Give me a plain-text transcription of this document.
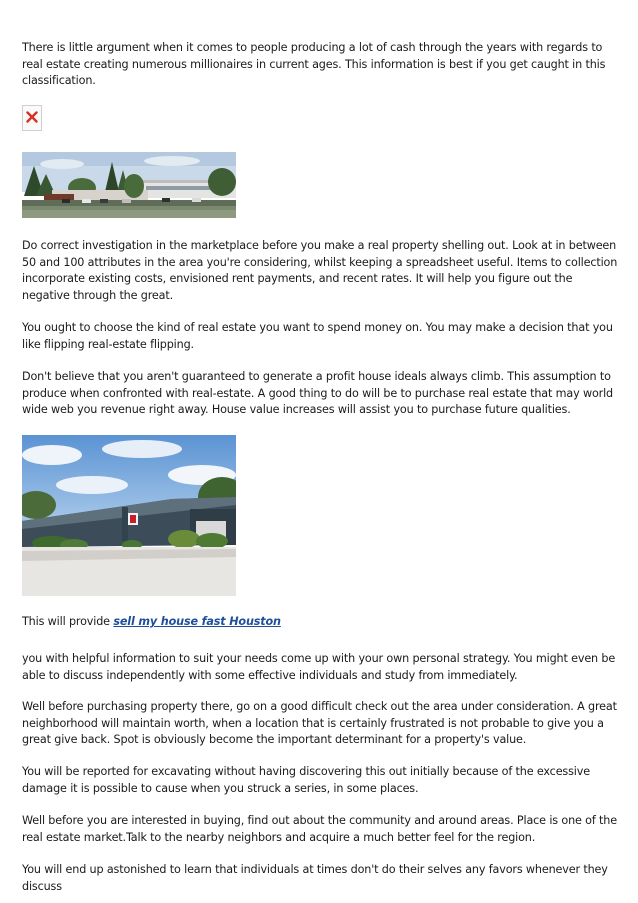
There is little argument when it comes to people producing a lot of cash through the years with regards to real estate creating numerous millionaires in current ages. This information is best if you get caught in this classification.

Do correct investigation in the marketplace before you make a real property shelling out. Look at in between 50 and 100 attributes in the area you're considering, whilst keeping a spreadsheet useful. Items to collection incorporate existing costs, envisioned rent payments, and recent rates. It will help you figure out the negative through the great.

You ought to choose the kind of real estate you want to spend money on. You may make a decision that you like flipping real-estate flipping.

Don't believe that you aren't guaranteed to generate a profit house ideals always climb. This assumption to produce when confronted with real-estate. A good thing to do will be to purchase real estate that may world wide web you revenue right away. House value increases will assist you to purchase future qualities.

This will provide sell my house fast Houston

you with helpful information to suit your needs come up with your own personal strategy. You might even be able to discuss independently with some effective individuals and study from immediately.

Well before purchasing property there, go on a good difficult check out the area under consideration. A great neighborhood will maintain worth, when a location that is certainly frustrated is not probable to give you a great give back. Spot is obviously become the important determinant for a property's value.

You will be reported for excavating without having discovering this out initially because of the excessive damage it is possible to cause when you struck a series, in some places.

Well before you are interested in buying, find out about the community and around areas. Place is one of the real estate market.Talk to the nearby neighbors and acquire a much better feel for the region.

You will end up astonished to learn that individuals at times don't do their selves any favors whenever they discuss
